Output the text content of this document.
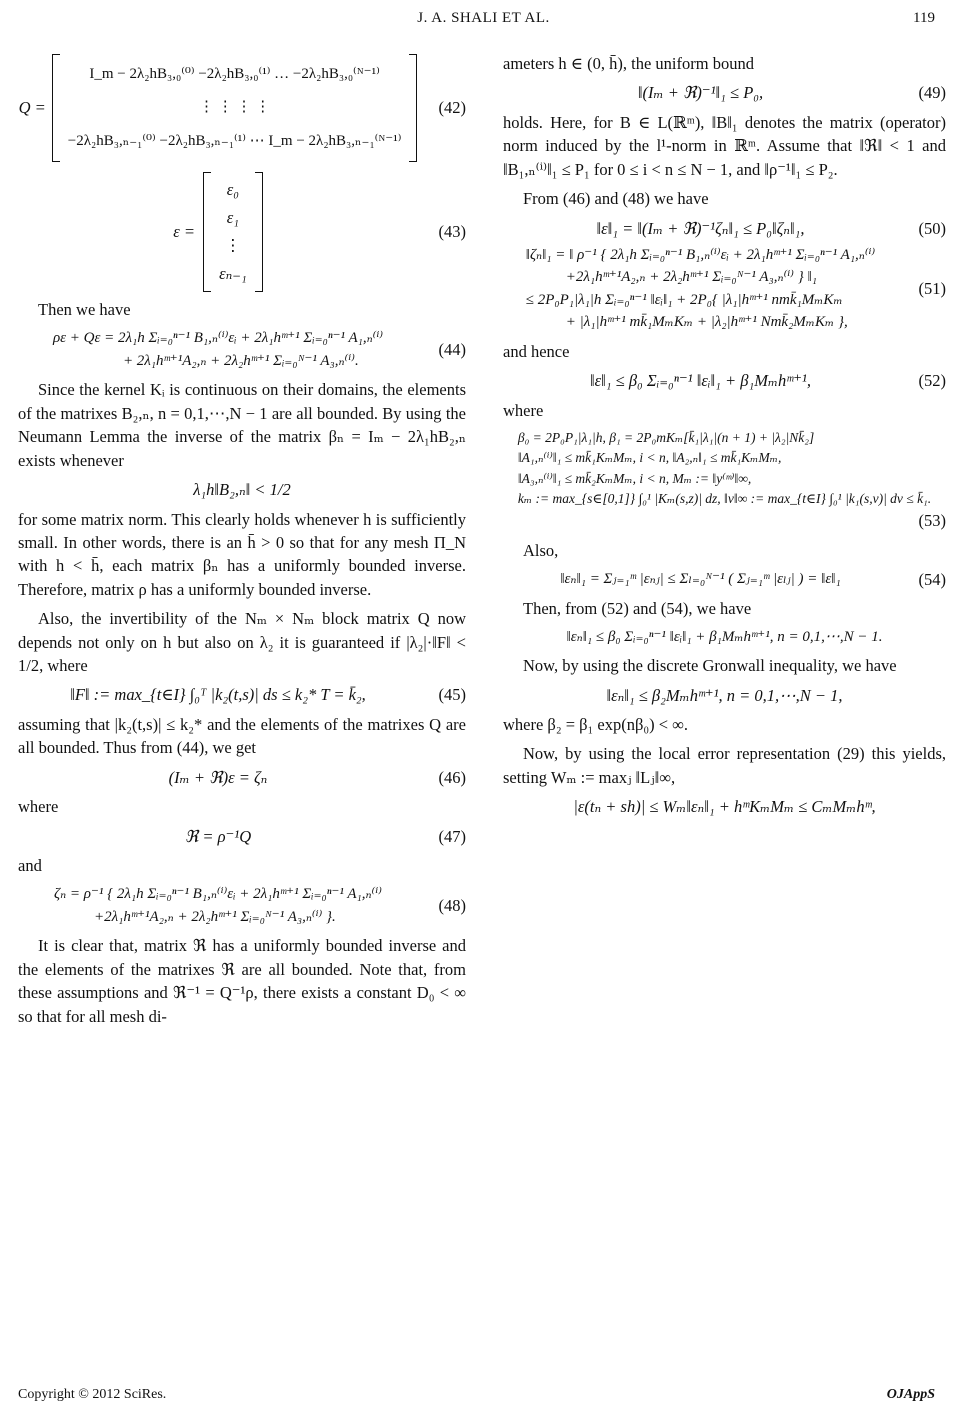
J. A. SHALI ET AL.	119
Q =
I_m − 2λ₂hB₃,₀⁽⁰⁾ −2λ₂hB₃,₀⁽¹⁾ … −2λ₂hB₃,₀⁽ᴺ⁻¹⁾
⋮ ⋮ ⋮ ⋮
−2λ₂hB₃,ₙ₋₁⁽⁰⁾ −2λ₂hB₃,ₙ₋₁⁽¹⁾ ⋯ I_m − 2λ₂hB₃,ₙ₋₁⁽ᴺ⁻¹⁾
(42)
ε =
ε₀
ε₁
⋮
εₙ₋₁
(43)

Then we have

ρε + Qε = 2λ₁h Σᵢ₌₀ⁿ⁻¹ B₁,ₙ⁽ⁱ⁾εᵢ + 2λ₁hᵐ⁺¹ Σᵢ₌₀ⁿ⁻¹ A₁,ₙ⁽ⁱ⁾
+ 2λ₁hᵐ⁺¹A₂,ₙ + 2λ₂hᵐ⁺¹ Σᵢ₌₀ᴺ⁻¹ A₃,ₙ⁽ⁱ⁾.
(44)

Since the kernel Kᵢ is continuous on their domains, the elements of the matrixes B₂,ₙ, n = 0,1,⋯,N − 1 are all bounded. By using the Neumann Lemma the inverse of the matrix βₙ = Iₘ − 2λ₁hB₂,ₙ exists whenever

λ₁h‖B₂,ₙ‖ < 1/2

for some matrix norm. This clearly holds whenever h is sufficiently small. In other words, there is an h̄ > 0 so that for any mesh Π_N with h < h̄, each matrix βₙ has a uniformly bounded inverse. Therefore, matrix ρ has a uniformly bounded inverse.

Also, the invertibility of the Nₘ × Nₘ block matrix Q now depends not only on h but also on λ₂ it is guaranteed if |λ₂|·‖F‖ < 1/2, where

‖F‖ := max_{t∈I} ∫₀ᵀ |k₂(t,s)| ds ≤ k₂* T = k̄₂,	(45)

assuming that |k₂(t,s)| ≤ k₂* and the elements of the matrixes Q are all bounded. Thus from (44), we get

(Iₘ + ℜ)ε = ζₙ	(46)

where

ℜ = ρ⁻¹Q	(47)

and

ζₙ = ρ⁻¹ { 2λ₁h Σᵢ₌₀ⁿ⁻¹ B₁,ₙ⁽ⁱ⁾εᵢ + 2λ₁hᵐ⁺¹ Σᵢ₌₀ⁿ⁻¹ A₁,ₙ⁽ⁱ⁾
+2λ₁hᵐ⁺¹A₂,ₙ + 2λ₂hᵐ⁺¹ Σᵢ₌₀ᴺ⁻¹ A₃,ₙ⁽ⁱ⁾ }.
(48)

It is clear that, matrix ℜ has a uniformly bounded inverse and the elements of the matrixes ℜ are all bounded. Note that, from these assumptions and ℜ⁻¹ = Q⁻¹ρ, there exists a constant D₀ < ∞ so that for all mesh di-

ameters h ∈ (0, h̄), the uniform bound

‖(Iₘ + ℜ)⁻¹‖₁ ≤ P₀,	(49)

holds. Here, for B ∈ L(ℝᵐ), ‖B‖₁ denotes the matrix (operator) norm induced by the l¹-norm in ℝᵐ. Assume that ‖ℜ‖ < 1 and ‖B₁,ₙ⁽ⁱ⁾‖₁ ≤ P₁ for 0 ≤ i < n ≤ N − 1, and ‖ρ⁻¹‖₁ ≤ P₂.

From (46) and (48) we have

‖ε‖₁ = ‖(Iₘ + ℜ)⁻¹ζₙ‖₁ ≤ P₀‖ζₙ‖₁,	(50)
‖ζₙ‖₁ = ‖ ρ⁻¹ { 2λ₁h Σᵢ₌₀ⁿ⁻¹ B₁,ₙ⁽ⁱ⁾εᵢ + 2λ₁hᵐ⁺¹ Σᵢ₌₀ⁿ⁻¹ A₁,ₙ⁽ⁱ⁾
+2λ₁hᵐ⁺¹A₂,ₙ + 2λ₂hᵐ⁺¹ Σᵢ₌₀ᴺ⁻¹ A₃,ₙ⁽ⁱ⁾ } ‖₁
≤ 2P₀P₁|λ₁|h Σᵢ₌₀ⁿ⁻¹ ‖εᵢ‖₁ + 2P₀{ |λ₁|hᵐ⁺¹ nmk̄₁MₘKₘ
+ |λ₁|hᵐ⁺¹ mk̄₁MₘKₘ + |λ₂|hᵐ⁺¹ Nmk̄₂MₘKₘ },
(51)

and hence

‖ε‖₁ ≤ β₀ Σᵢ₌₀ⁿ⁻¹ ‖εᵢ‖₁ + β₁Mₘhᵐ⁺¹,	(52)

where

β₀ = 2P₀P₁|λ₁|h, β₁ = 2P₀mKₘ[k̄₁|λ₁|(n + 1) + |λ₂|Nk̄₂]
‖A₁,ₙ⁽ⁱ⁾‖₁ ≤ mk̄₁KₘMₘ, i < n, ‖A₂,ₙ‖₁ ≤ mk̄₁KₘMₘ,
‖A₃,ₙ⁽ⁱ⁾‖₁ ≤ mk̄₂KₘMₘ, i < n, Mₘ := ‖y⁽ᵐ⁾‖∞,
kₘ := max_{s∈[0,1]} ∫₀¹ |Kₘ(s,z)| dz, ‖v‖∞ := max_{t∈I} ∫₀¹ |k₁(s,v)| dv ≤ k̄₁.
(53)

Also,

‖εₙ‖₁ = Σⱼ₌₁ᵐ |εₙⱼ| ≤ Σₗ₌₀ᴺ⁻¹ ( Σⱼ₌₁ᵐ |εₗⱼ| ) = ‖ε‖₁	(54)

Then, from (52) and (54), we have

‖εₙ‖₁ ≤ β₀ Σᵢ₌₀ⁿ⁻¹ ‖εᵢ‖₁ + β₁Mₘhᵐ⁺¹, n = 0,1,⋯,N − 1.

Now, by using the discrete Gronwall inequality, we have

‖εₙ‖₁ ≤ β₂Mₘhᵐ⁺¹, n = 0,1,⋯,N − 1,

where β₂ = β₁ exp(nβ₀) < ∞.

Now, by using the local error representation (29) this yields, setting Wₘ := maxⱼ ‖Lⱼ‖∞,

|ε(tₙ + sh)| ≤ Wₘ‖εₙ‖₁ + hᵐKₘMₘ ≤ CₘMₘhᵐ,
Copyright © 2012 SciRes.	OJAppS
